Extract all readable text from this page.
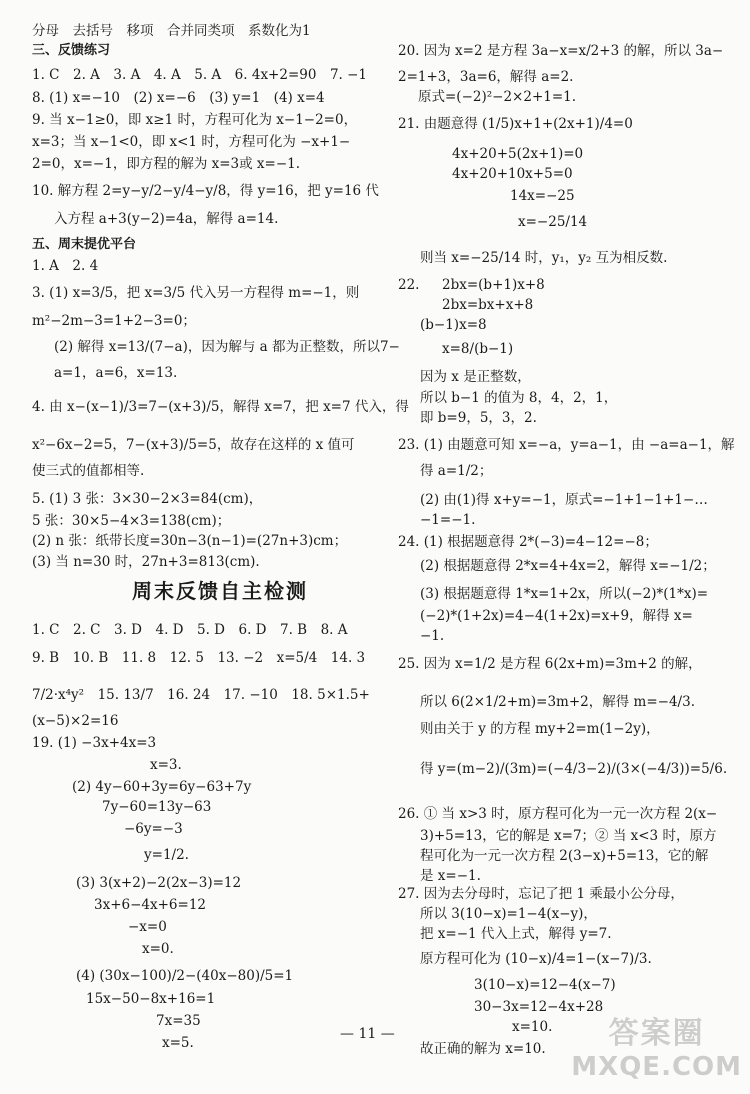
分母　去括号　移项　合并同类项　系数化为1
三、反馈练习
1. C　2. A　3. A　4. A　5. A　6. 4x+2=90　7. −1
8. (1) x=−10　(2) x=−6　(3) y=1　(4) x=4
9. 当 x−1≥0，即 x≥1 时，方程可化为 x−1−2=0，
x=3；当 x−1<0，即 x<1 时，方程可化为 −x+1−
2=0，x=−1，即方程的解为 x=3或 x=−1.
10. 解方程 2=y−y/2−y/4−y/8，得 y=16，把 y=16 代
入方程 a+3(y−2)=4a，解得 a=14.
五、周末提优平台
1. A　2. 4
3. (1) x=3/5，把 x=3/5 代入另一方程得 m=−1，则
m²−2m−3=1+2−3=0；
(2) 解得 x=13/(7−a)，因为解与 a 都为正整数，所以7−
a=1，a=6，x=13.
4. 由 x−(x−1)/3=7−(x+3)/5，解得 x=7，把 x=7 代入，得
x²−6x−2=5，7−(x+3)/5=5，故存在这样的 x 值可
使三式的值都相等.
5. (1) 3 张：3×30−2×3=84(cm)，
5 张：30×5−4×3=138(cm)；
(2) n 张：纸带长度=30n−3(n−1)=(27n+3)cm；
(3) 当 n=30 时，27n+3=813(cm).
周末反馈自主检测
1. C　2. C　3. D　4. D　5. D　6. D　7. B　8. A
9. B　10. B　11. 8　12. 5　13. −2　x=5/4　14. 3
7/2·x⁴y²　15. 13/7　16. 24　17. −10　18. 5×1.5+
(x−5)×2=16
19. (1) −3x+4x=3
x=3.
(2) 4y−60+3y=6y−63+7y
7y−60=13y−63
−6y=−3
y=1/2.
(3) 3(x+2)−2(2x−3)=12
3x+6−4x+6=12
−x=0
x=0.
(4) (30x−100)/2−(40x−80)/5=1
15x−50−8x+16=1
7x=35
x=5.
20. 因为 x=2 是方程 3a−x=x/2+3 的解，所以 3a−
2=1+3，3a=6，解得 a=2.
原式=(−2)²−2×2+1=1.
21. 由题意得 (1/5)x+1+(2x+1)/4=0
4x+20+5(2x+1)=0
4x+20+10x+5=0
14x=−25
x=−25/14
则当 x=−25/14 时，y₁，y₂ 互为相反数.
22. 2bx=(b+1)x+8
2bx=bx+x+8
(b−1)x=8
x=8/(b−1)
因为 x 是正整数，
所以 b−1 的值为 8，4，2，1，
即 b=9，5，3，2.
23. (1) 由题意可知 x=−a，y=a−1，由 −a=a−1，解
得 a=1/2；
(2) 由(1)得 x+y=−1，原式=−1+1−1+1−…
−1=−1.
24. (1) 根据题意得 2*(−3)=4−12=−8；
(2) 根据题意得 2*x=4+4x=2，解得 x=−1/2；
(3) 根据题意得 1*x=1+2x，所以(−2)*(1*x)=
(−2)*(1+2x)=4−4(1+2x)=x+9，解得 x=
−1.
25. 因为 x=1/2 是方程 6(2x+m)=3m+2 的解，
所以 6(2×1/2+m)=3m+2，解得 m=−4/3.
则由关于 y 的方程 my+2=m(1−2y)，
得 y=(m−2)/(3m)=(−4/3−2)/(3×(−4/3))=5/6.
26. ① 当 x>3 时，原方程可化为一元一次方程 2(x−
3)+5=13，它的解是 x=7；② 当 x<3 时，原方
程可化为一元一次方程 2(3−x)+5=13，它的解
是 x=−1.
27. 因为去分母时，忘记了把 1 乘最小公分母，
所以 3(10−x)=1−4(x−y)，
把 x=−1 代入上式，解得 y=7.
原方程可化为 (10−x)/4=1−(x−7)/3.
3(10−x)=12−4(x−7)
30−3x=12−4x+28
x=10.
故正确的解为 x=10.
— 11 —	答案圈
MXQE.COM
